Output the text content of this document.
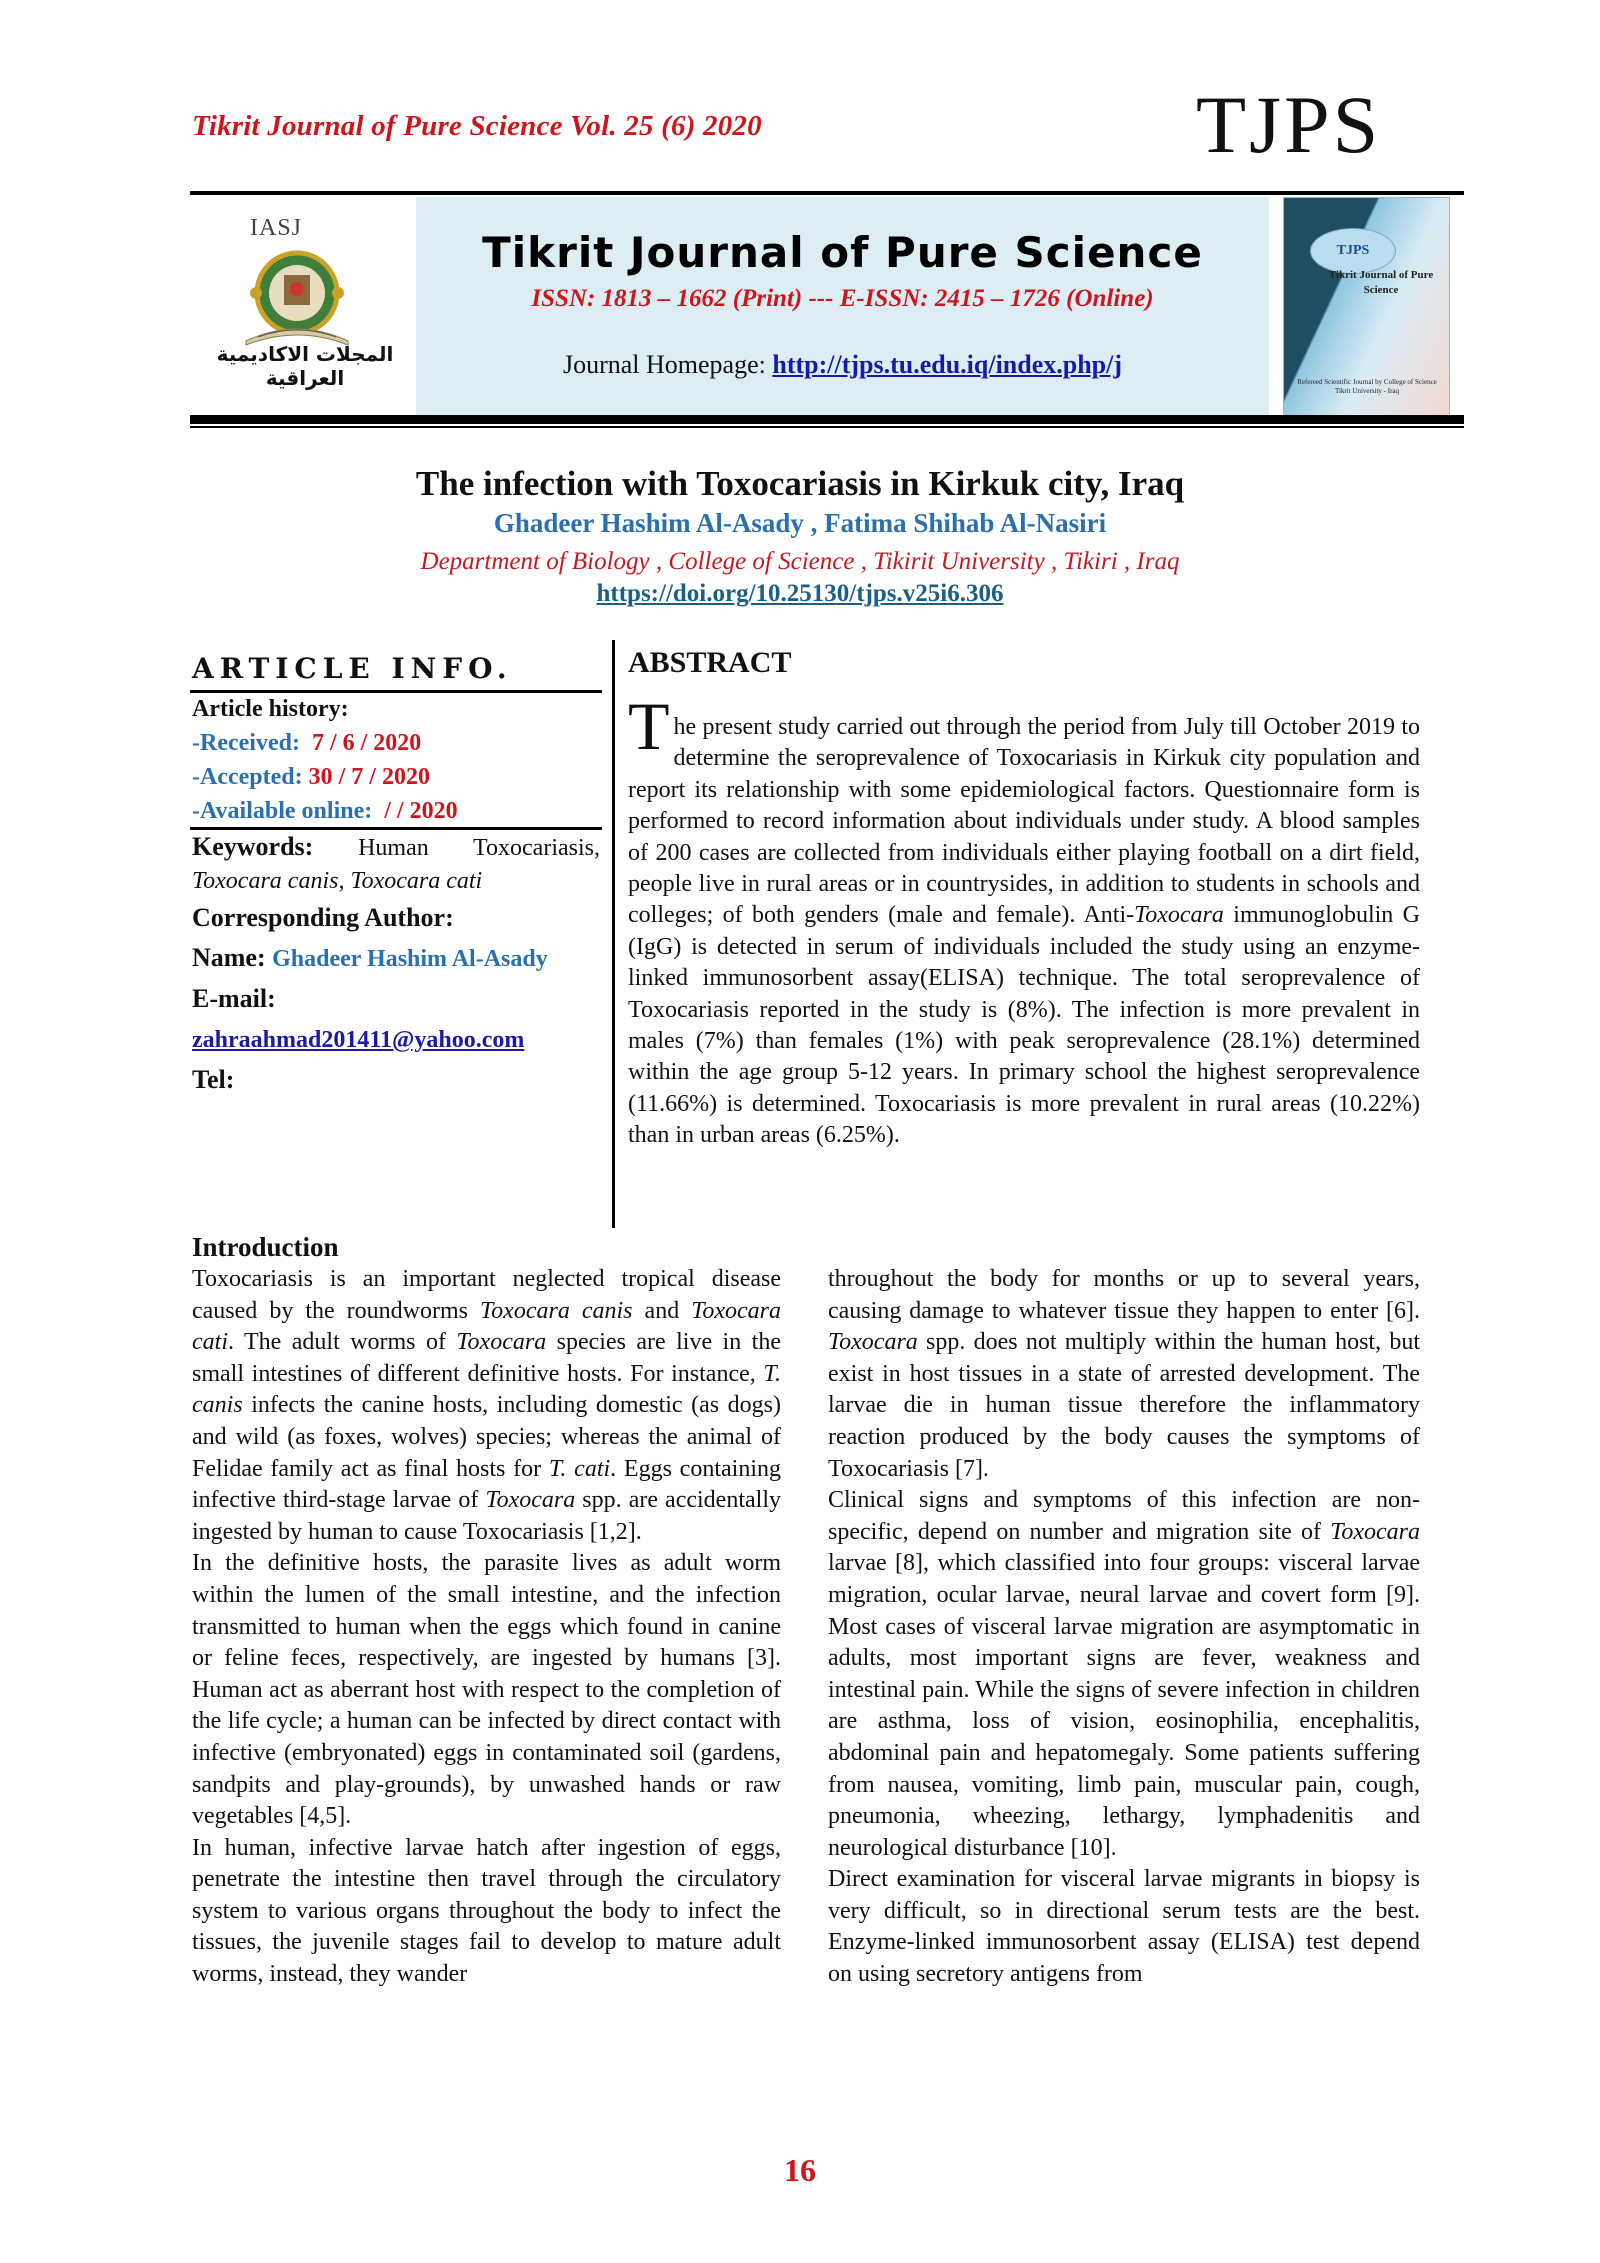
Tikrit Journal of Pure Science Vol. 25 (6) 2020	TJPS
IASJ
المجلات الاكاديمية العراقية
Tikrit Journal of Pure Science
ISSN: 1813 – 1662 (Print) --- E-ISSN: 2415 – 1726 (Online)
Journal Homepage: http://tjps.tu.edu.iq/index.php/j
TJPS
Tikrit Journal of Pure Science
Refereed Scientific Journal by College of Science Tikrit University - Iraq
The infection with Toxocariasis in Kirkuk city, Iraq
Ghadeer Hashim Al-Asady , Fatima Shihab Al-Nasiri
Department of Biology , College of Science , Tikirit University , Tikiri , Iraq
https://doi.org/10.25130/tjps.v25i6.306
ARTICLE INFO.
Article history:
-Received: 7 / 6 / 2020
-Accepted: 30 / 7 / 2020
-Available online: / / 2020
Keywords: Human Toxocariasis,
Toxocara canis, Toxocara cati
Corresponding Author:
Name: Ghadeer Hashim Al-Asady
E-mail:
zahraahmad201411@yahoo.com
Tel:
ABSTRACT
The present study carried out through the period from July till October 2019 to determine the seroprevalence of Toxocariasis in Kirkuk city population and report its relationship with some epidemiological factors. Questionnaire form is performed to record information about individuals under study. A blood samples of 200 cases are collected from individuals either playing football on a dirt field, people live in rural areas or in countrysides, in addition to students in schools and colleges; of both genders (male and female). Anti-Toxocara immunoglobulin G (IgG) is detected in serum of individuals included the study using an enzyme-linked immunosorbent assay(ELISA) technique. The total seroprevalence of Toxocariasis reported in the study is (8%). The infection is more prevalent in males (7%) than females (1%) with peak seroprevalence (28.1%) determined within the age group 5-12 years. In primary school the highest seroprevalence (11.66%) is determined. Toxocariasis is more prevalent in rural areas (10.22%) than in urban areas (6.25%).
Introduction

Toxocariasis is an important neglected tropical disease caused by the roundworms Toxocara canis and Toxocara cati. The adult worms of Toxocara species are live in the small intestines of different definitive hosts. For instance, T. canis infects the canine hosts, including domestic (as dogs) and wild (as foxes, wolves) species; whereas the animal of Felidae family act as final hosts for T. cati. Eggs containing infective third-stage larvae of Toxocara spp. are accidentally ingested by human to cause Toxocariasis [1,2].

In the definitive hosts, the parasite lives as adult worm within the lumen of the small intestine, and the infection transmitted to human when the eggs which found in canine or feline feces, respectively, are ingested by humans [3]. Human act as aberrant host with respect to the completion of the life cycle; a human can be infected by direct contact with infective (embryonated) eggs in contaminated soil (gardens, sandpits and play-grounds), by unwashed hands or raw vegetables [4,5].

In human, infective larvae hatch after ingestion of eggs, penetrate the intestine then travel through the circulatory system to various organs throughout the body to infect the tissues, the juvenile stages fail to develop to mature adult worms, instead, they wander

throughout the body for months or up to several years, causing damage to whatever tissue they happen to enter [6]. Toxocara spp. does not multiply within the human host, but exist in host tissues in a state of arrested development. The larvae die in human tissue therefore the inflammatory reaction produced by the body causes the symptoms of Toxocariasis [7].

Clinical signs and symptoms of this infection are non-specific, depend on number and migration site of Toxocara larvae [8], which classified into four groups: visceral larvae migration, ocular larvae, neural larvae and covert form [9]. Most cases of visceral larvae migration are asymptomatic in adults, most important signs are fever, weakness and intestinal pain. While the signs of severe infection in children are asthma, loss of vision, eosinophilia, encephalitis, abdominal pain and hepatomegaly. Some patients suffering from nausea, vomiting, limb pain, muscular pain, cough, pneumonia, wheezing, lethargy, lymphadenitis and neurological disturbance [10].

Direct examination for visceral larvae migrants in biopsy is very difficult, so in directional serum tests are the best. Enzyme-linked immunosorbent assay (ELISA) test depend on using secretory antigens from

16
